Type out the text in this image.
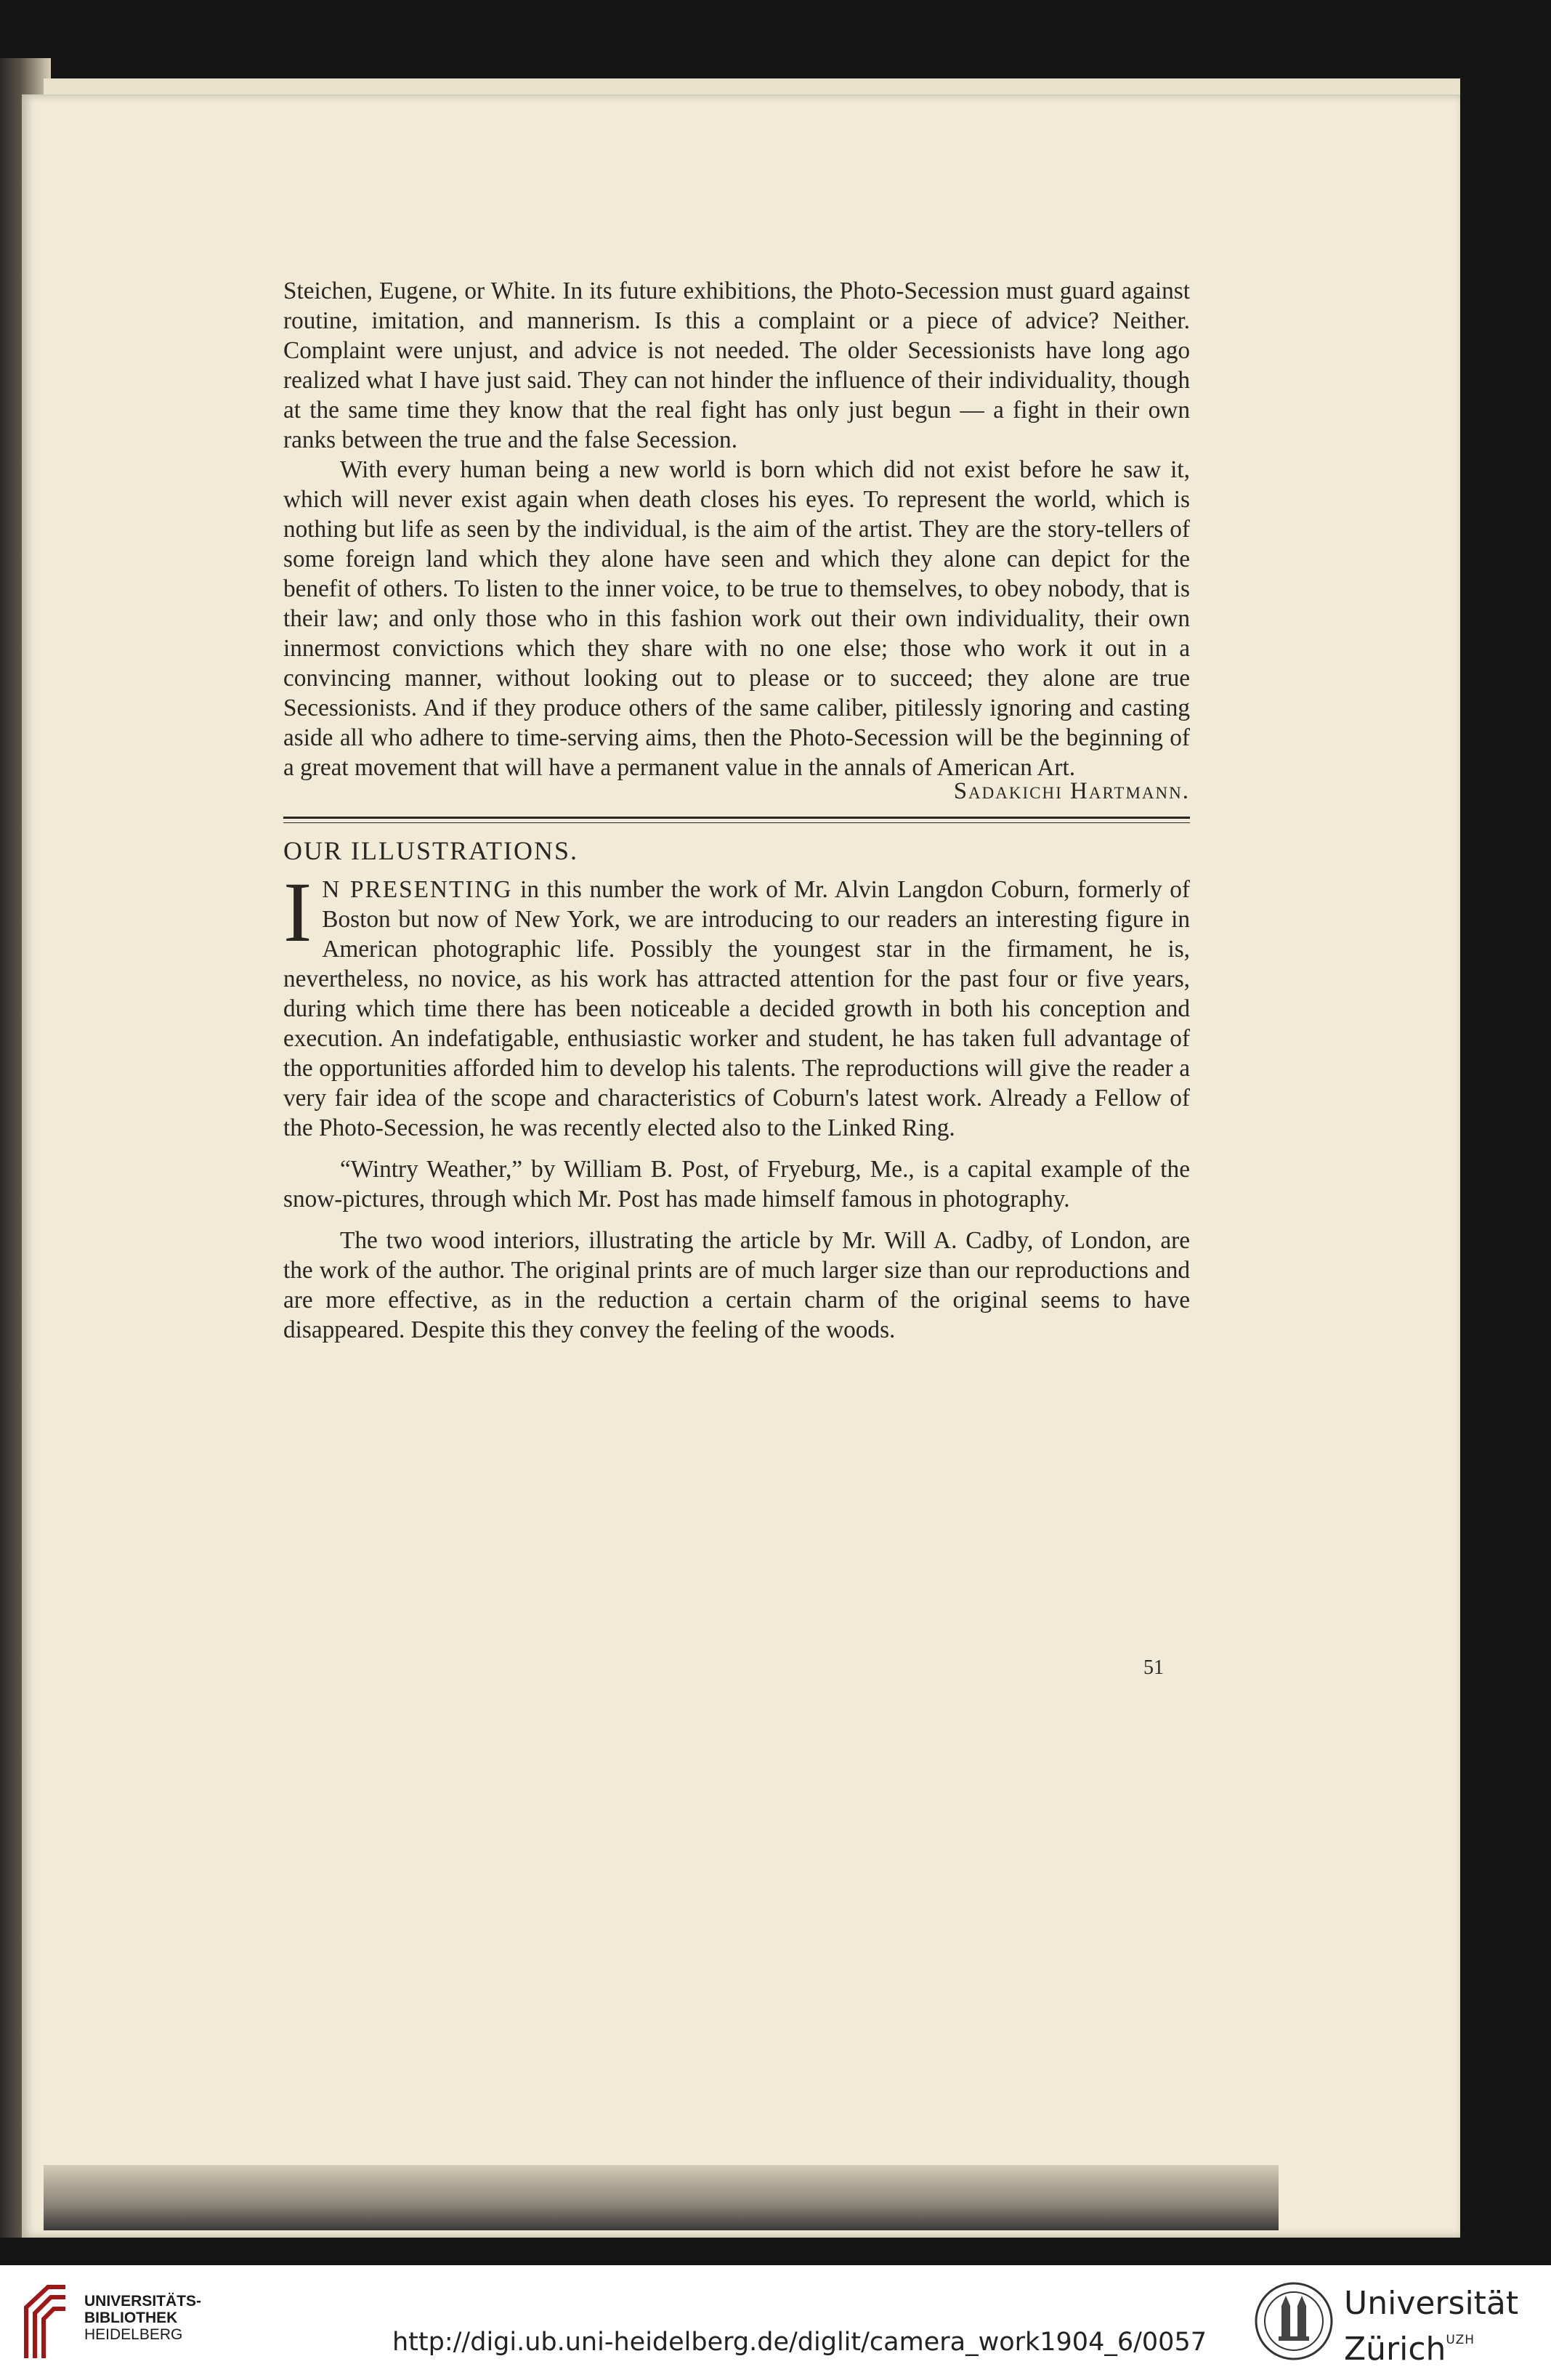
Steichen, Eugene, or White. In its future exhibitions, the Photo-Secession must guard against routine, imitation, and mannerism. Is this a complaint or a piece of advice? Neither. Complaint were unjust, and advice is not needed. The older Secessionists have long ago realized what I have just said. They can not hinder the influence of their individuality, though at the same time they know that the real fight has only just begun — a fight in their own ranks between the true and the false Secession.

With every human being a new world is born which did not exist before he saw it, which will never exist again when death closes his eyes. To represent the world, which is nothing but life as seen by the individual, is the aim of the artist. They are the story-tellers of some foreign land which they alone have seen and which they alone can depict for the benefit of others. To listen to the inner voice, to be true to themselves, to obey nobody, that is their law; and only those who in this fashion work out their own individuality, their own innermost convictions which they share with no one else; those who work it out in a convincing manner, without looking out to please or to succeed; they alone are true Secessionists. And if they produce others of the same caliber, pitilessly ignoring and casting aside all who adhere to time-serving aims, then the Photo-Secession will be the beginning of a great movement that will have a permanent value in the annals of American Art.

Sadakichi Hartmann.
OUR ILLUSTRATIONS.

I N PRESENTING in this number the work of Mr. Alvin Langdon Coburn, formerly of Boston but now of New York, we are introducing to our readers an interesting figure in American photographic life. Possibly the youngest star in the firmament, he is, nevertheless, no novice, as his work has attracted attention for the past four or five years, during which time there has been noticeable a decided growth in both his conception and execution. An indefatigable, enthusiastic worker and student, he has taken full advantage of the opportunities afforded him to develop his talents. The reproductions will give the reader a very fair idea of the scope and characteristics of Coburn's latest work. Already a Fellow of the Photo-Secession, he was recently elected also to the Linked Ring.

“Wintry Weather,” by William B. Post, of Fryeburg, Me., is a capital example of the snow-pictures, through which Mr. Post has made himself famous in photography.

The two wood interiors, illustrating the article by Mr. Will A. Cadby, of London, are the work of the author. The original prints are of much larger size than our reproductions and are more effective, as in the reduction a certain charm of the original seems to have disappeared. Despite this they convey the feeling of the woods.

51
UNIVERSITÄTS-
BIBLIOTHEK
HEIDELBERG	http://digi.ub.uni-heidelberg.de/diglit/camera_work1904_6/0057
Universität
Zürich$^{UZH}$
